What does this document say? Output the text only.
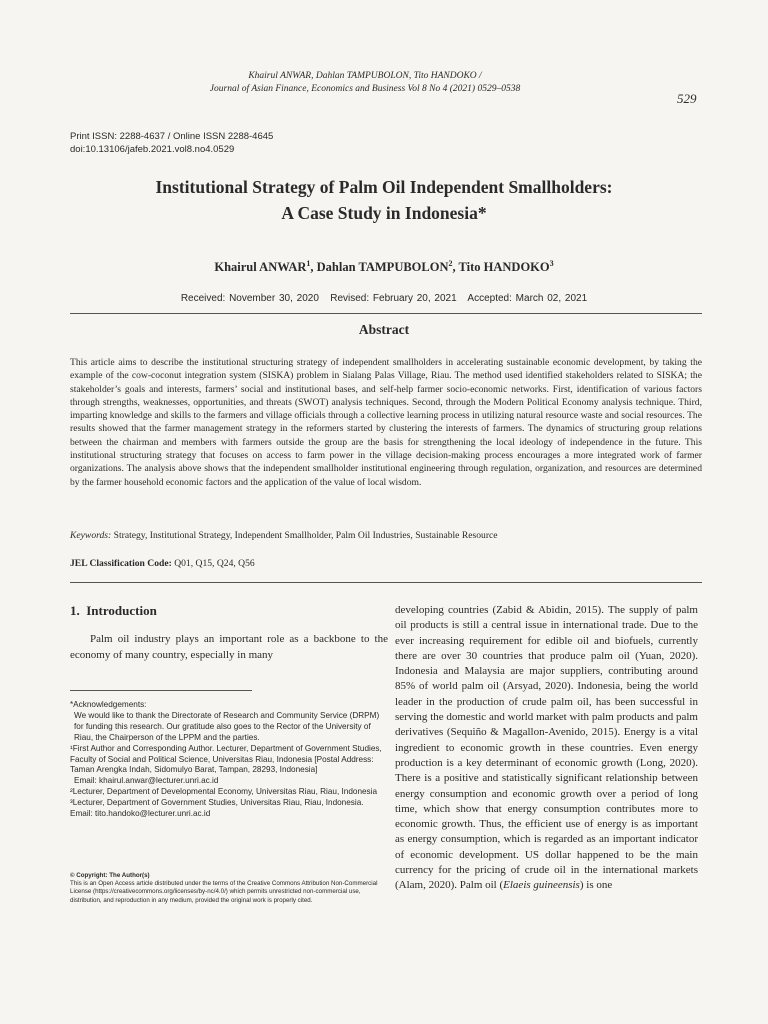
Khairul ANWAR, Dahlan TAMPUBOLON, Tito HANDOKO /
Journal of Asian Finance, Economics and Business Vol 8 No 4 (2021) 0529–0538
529
Print ISSN: 2288-4637 / Online ISSN 2288-4645
doi:10.13106/jafeb.2021.vol8.no4.0529
Institutional Strategy of Palm Oil Independent Smallholders:
A Case Study in Indonesia*
Khairul ANWAR$^1$, Dahlan TAMPUBOLON$^2$, Tito HANDOKO$^3$
Received: November 30, 2020   Revised: February 20, 2021   Accepted: March 02, 2021
Abstract
This article aims to describe the institutional structuring strategy of independent smallholders in accelerating sustainable economic development, by taking the example of the cow-coconut integration system (SISKA) problem in Sialang Palas Village, Riau. The method used identified stakeholders related to SISKA; the stakeholder’s goals and interests, farmers’ social and institutional bases, and self-help farmer socio-economic networks. First, identification of various factors through strengths, weaknesses, opportunities, and threats (SWOT) analysis techniques. Second, through the Modern Political Economy analysis technique. Third, imparting knowledge and skills to the farmers and village officials through a collective learning process in utilizing natural resource waste and social resources. The results showed that the farmer management strategy in the reformers started by clustering the interests of farmers. The dynamics of structuring group relations between the chairman and members with farmers outside the group are the basis for strengthening the local ideology of independence in the future. This institutional structuring strategy that focuses on access to farm power in the village decision-making process encourages a more integrated work of farmer organizations. The analysis above shows that the independent smallholder institutional engineering through regulation, organization, and resources are determined by the farmer household economic factors and the application of the value of local wisdom.
Keywords: Strategy, Institutional Strategy, Independent Smallholder, Palm Oil Industries, Sustainable Resource
JEL Classification Code: Q01, Q15, Q24, Q56
1.  Introduction
Palm oil industry plays an important role as a backbone to the economy of many country, especially in many

*Acknowledgements:

We would like to thank the Directorate of Research and Community Service (DRPM) for funding this research. Our gratitude also goes to the Rector of the University of Riau, the Chairperson of the LPPM and the parties.

¹First Author and Corresponding Author. Lecturer, Department of Government Studies, Faculty of Social and Political Science, Universitas Riau, Indonesia [Postal Address: Taman Arengka Indah, Sidomulyo Barat, Tampan, 28293, Indonesia]

Email: khairul.anwar@lecturer.unri.ac.id

²Lecturer, Department of Developmental Economy, Universitas Riau, Riau, Indonesia

³Lecturer, Department of Government Studies, Universitas Riau, Riau, Indonesia. Email: tito.handoko@lecturer.unri.ac.id

© Copyright: The Author(s)
This is an Open Access article distributed under the terms of the Creative Commons Attribution Non-Commercial License (https://creativecommons.org/licenses/by-nc/4.0/) which permits unrestricted non-commercial use, distribution, and reproduction in any medium, provided the original work is properly cited.
developing countries (Zabid & Abidin, 2015). The supply of palm oil products is still a central issue in international trade. Due to the ever increasing requirement for edible oil and biofuels, currently there are over 30 countries that produce palm oil (Yuan, 2020). Indonesia and Malaysia are major suppliers, contributing around 85% of world palm oil (Arsyad, 2020). Indonesia, being the world leader in the production of crude palm oil, has been successful in serving the domestic and world market with palm products and palm derivatives (Sequiño & Magallon-Avenido, 2015). Energy is a vital ingredient to economic growth in these countries. Even energy production is a key determinant of economic growth (Long, 2020). There is a positive and statistically significant relationship between energy consumption and economic growth over a period of long time, which show that energy consumption contributes more to economic growth. Thus, the efficient use of energy is as important as energy consumption, which is regarded as an important indicator of economic development. US dollar happened to be the main currency for the pricing of crude oil in the international markets (Alam, 2020). Palm oil (Elaeis guineensis) is one
